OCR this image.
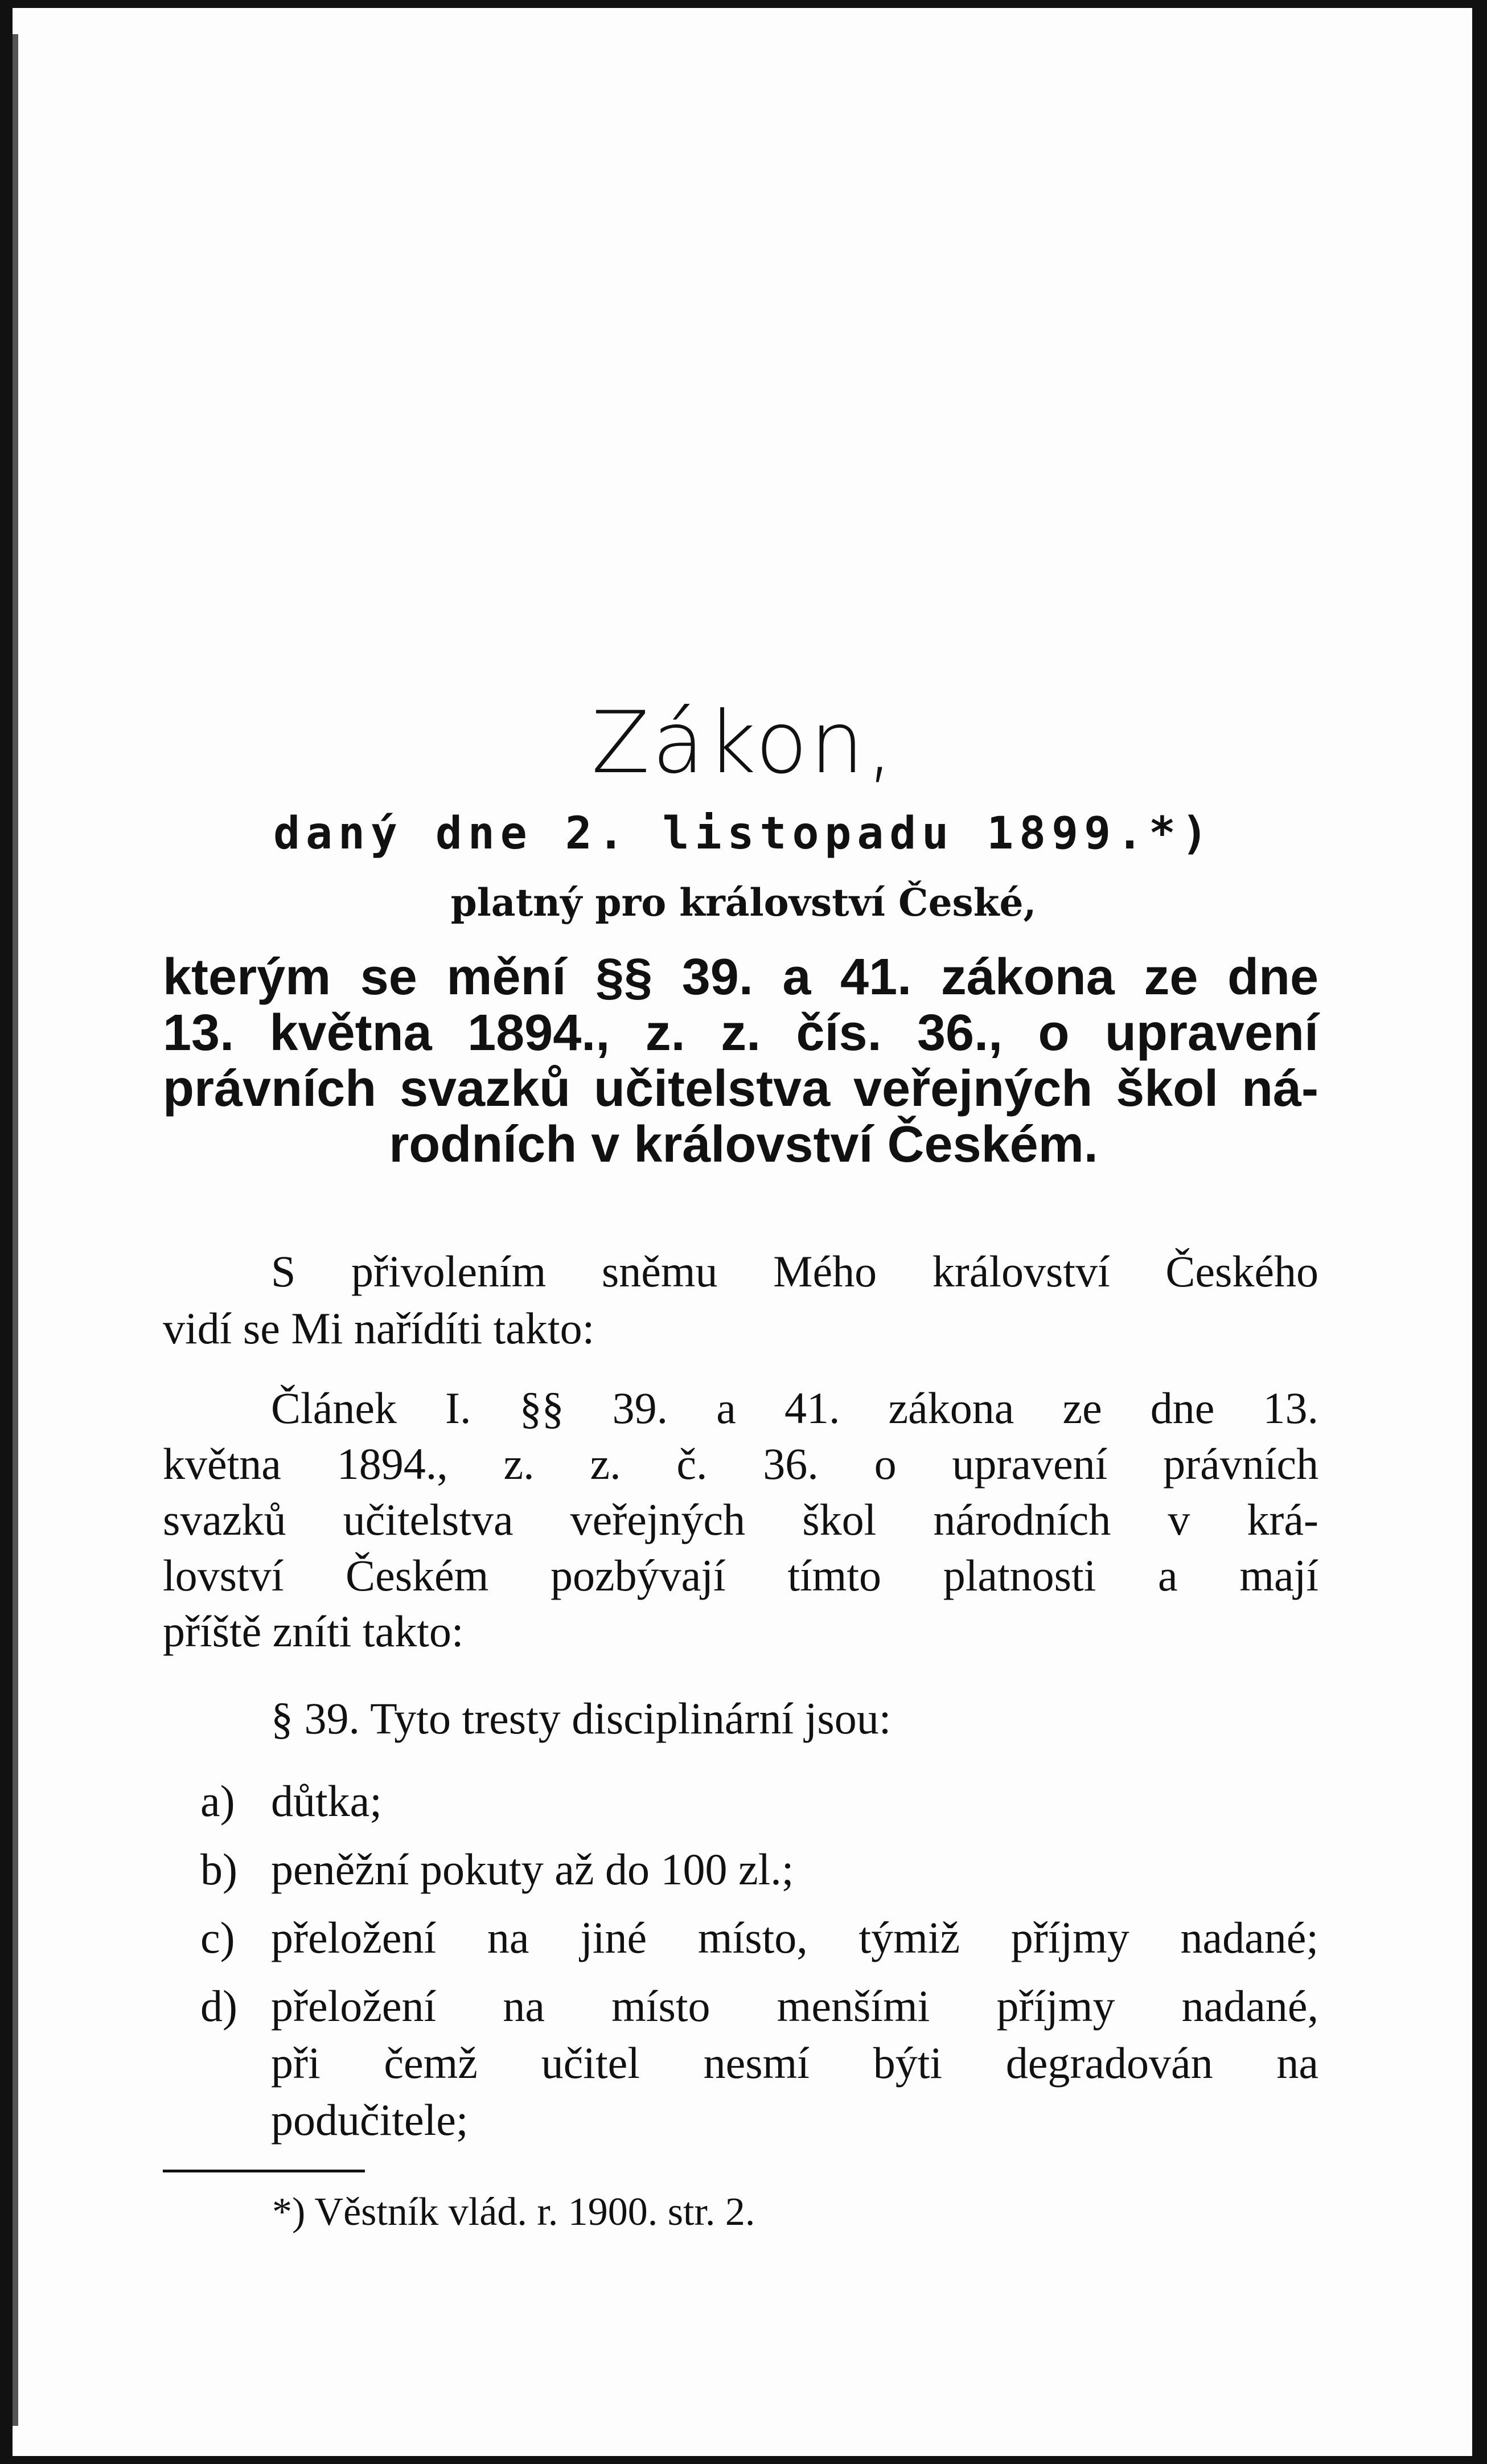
Zákon,
daný dne 2. listopadu 1899.*)
platný pro království České,
kterým se mění §§ 39. a 41. zákona ze dne
13. května 1894., z. z. čís. 36., o upravení
právních svazků učitelstva veřejných škol ná-
rodních v království Českém.
S přivolením sněmu Mého království Českého
vidí se Mi nařídíti takto:
Článek I. §§ 39. a 41. zákona ze dne 13.
května 1894., z. z. č. 36. o upravení právních
svazků učitelstva veřejných škol národních v krá-
lovství Českém pozbývají tímto platnosti a mají
příště zníti takto:
§ 39. Tyto tresty disciplinární jsou:
a) důtka;
b) peněžní pokuty až do 100 zl.;
c) přeložení na jiné místo, týmiž příjmy nadané;
d) přeložení na místo menšími příjmy nadané,
při čemž učitel nesmí býti degradován na
podučitele;
*) Věstník vlád. r. 1900. str. 2.
